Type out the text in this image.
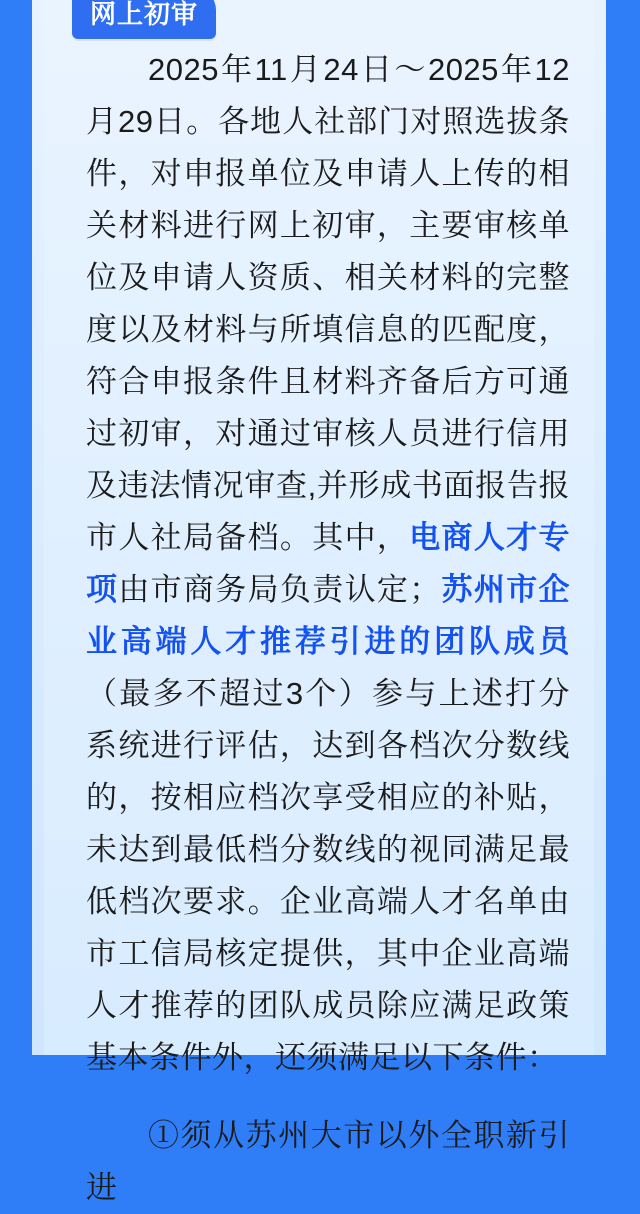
网上初审

2025年11月24日～2025年12月29日。各地人社部门对照选拔条件，对申报单位及申请人上传的相关材料进行网上初审，主要审核单位及申请人资质、相关材料的完整度以及材料与所填信息的匹配度，符合申报条件且材料齐备后方可通过初审，对通过审核人员进行信用及违法情况审查,并形成书面报告报市人社局备档。其中，电商人才专项由市商务局负责认定；苏州市企业高端人才推荐引进的团队成员（最多不超过3个）参与上述打分系统进行评估，达到各档次分数线的，按相应档次享受相应的补贴，未达到最低档分数线的视同满足最低档次要求。企业高端人才名单由市工信局核定提供，其中企业高端人才推荐的团队成员除应满足政策基本条件外，还须满足以下条件：

①须从苏州大市以外全职新引进
